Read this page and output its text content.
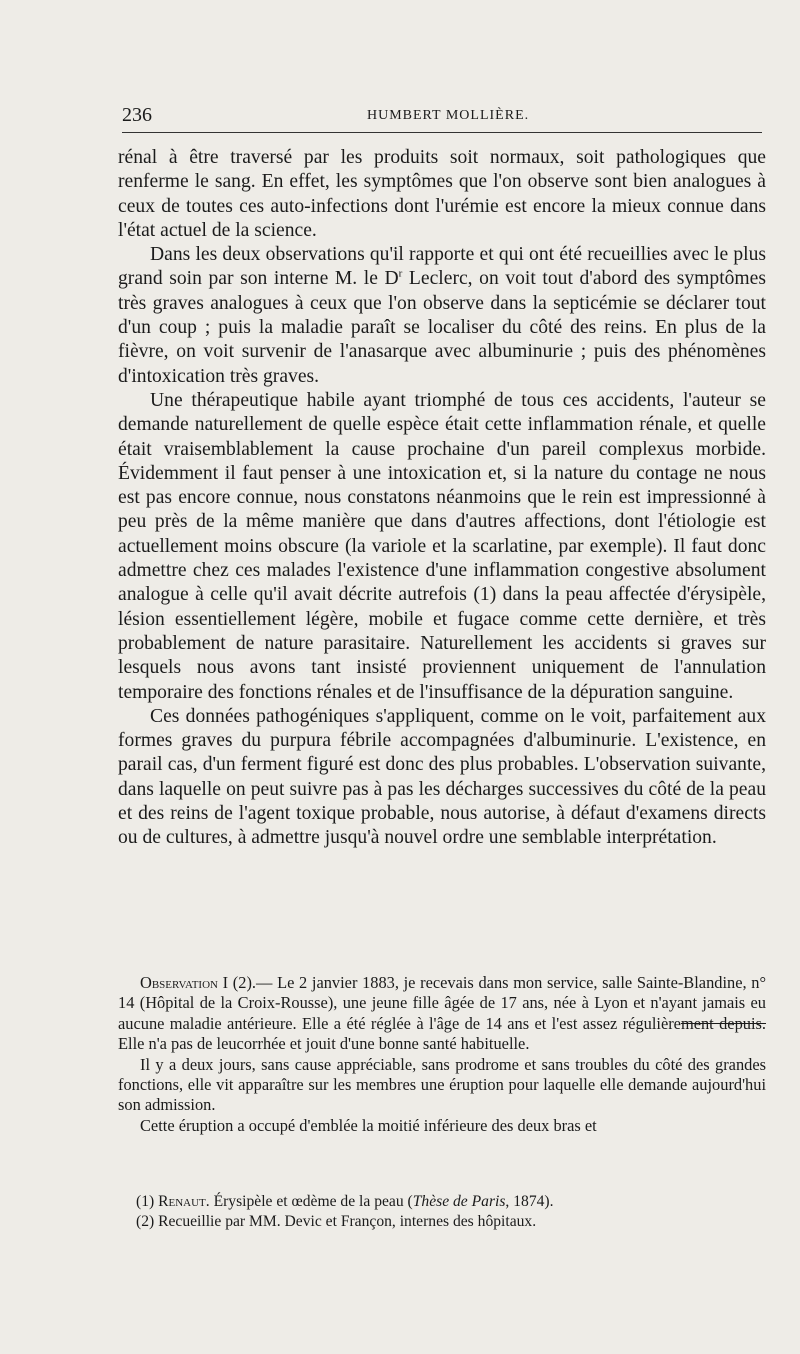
236	HUMBERT MOLLIÈRE.

rénal à être traversé par les produits soit normaux, soit pathologiques que renferme le sang. En effet, les symptômes que l'on observe sont bien analogues à ceux de toutes ces auto-infections dont l'urémie est encore la mieux connue dans l'état actuel de la science.

Dans les deux observations qu'il rapporte et qui ont été recueillies avec le plus grand soin par son interne M. le $D^r$ Leclerc, on voit tout d'abord des symptômes très graves analogues à ceux que l'on observe dans la septicémie se déclarer tout d'un coup ; puis la maladie paraît se localiser du côté des reins. En plus de la fièvre, on voit survenir de l'anasarque avec albuminurie ; puis des phénomènes d'intoxication très graves.

Une thérapeutique habile ayant triomphé de tous ces accidents, l'auteur se demande naturellement de quelle espèce était cette inflammation rénale, et quelle était vraisemblablement la cause prochaine d'un pareil complexus morbide. Évidemment il faut penser à une intoxication et, si la nature du contage ne nous est pas encore connue, nous constatons néanmoins que le rein est impressionné à peu près de la même manière que dans d'autres affections, dont l'étiologie est actuellement moins obscure (la variole et la scarlatine, par exemple). Il faut donc admettre chez ces malades l'existence d'une inflammation congestive absolument analogue à celle qu'il avait décrite autrefois (1) dans la peau affectée d'érysipèle, lésion essentiellement légère, mobile et fugace comme cette dernière, et très probablement de nature parasitaire. Naturellement les accidents si graves sur lesquels nous avons tant insisté proviennent uniquement de l'annulation temporaire des fonctions rénales et de l'insuffisance de la dépuration sanguine.

Ces données pathogéniques s'appliquent, comme on le voit, parfaitement aux formes graves du purpura fébrile accompagnées d'albuminurie. L'existence, en parail cas, d'un ferment figuré est donc des plus probables. L'observation suivante, dans laquelle on peut suivre pas à pas les décharges successives du côté de la peau et des reins de l'agent toxique probable, nous autorise, à défaut d'examens directs ou de cultures, à admettre jusqu'à nouvel ordre une semblable interprétation.

Observation I (2).— Le 2 janvier 1883, je recevais dans mon service, salle Sainte-Blandine, n° 14 (Hôpital de la Croix-Rousse), une jeune fille âgée de 17 ans, née à Lyon et n'ayant jamais eu aucune maladie antérieure. Elle a été réglée à l'âge de 14 ans et l'est assez régulièrement depuis. Elle n'a pas de leucorrhée et jouit d'une bonne santé habituelle.

Il y a deux jours, sans cause appréciable, sans prodrome et sans troubles du côté des grandes fonctions, elle vit apparaître sur les membres une éruption pour laquelle elle demande aujourd'hui son admission.

Cette éruption a occupé d'emblée la moitié inférieure des deux bras et

(1) Renaut. Érysipèle et œdème de la peau (Thèse de Paris, 1874).

(2) Recueillie par MM. Devic et Françon, internes des hôpitaux.
